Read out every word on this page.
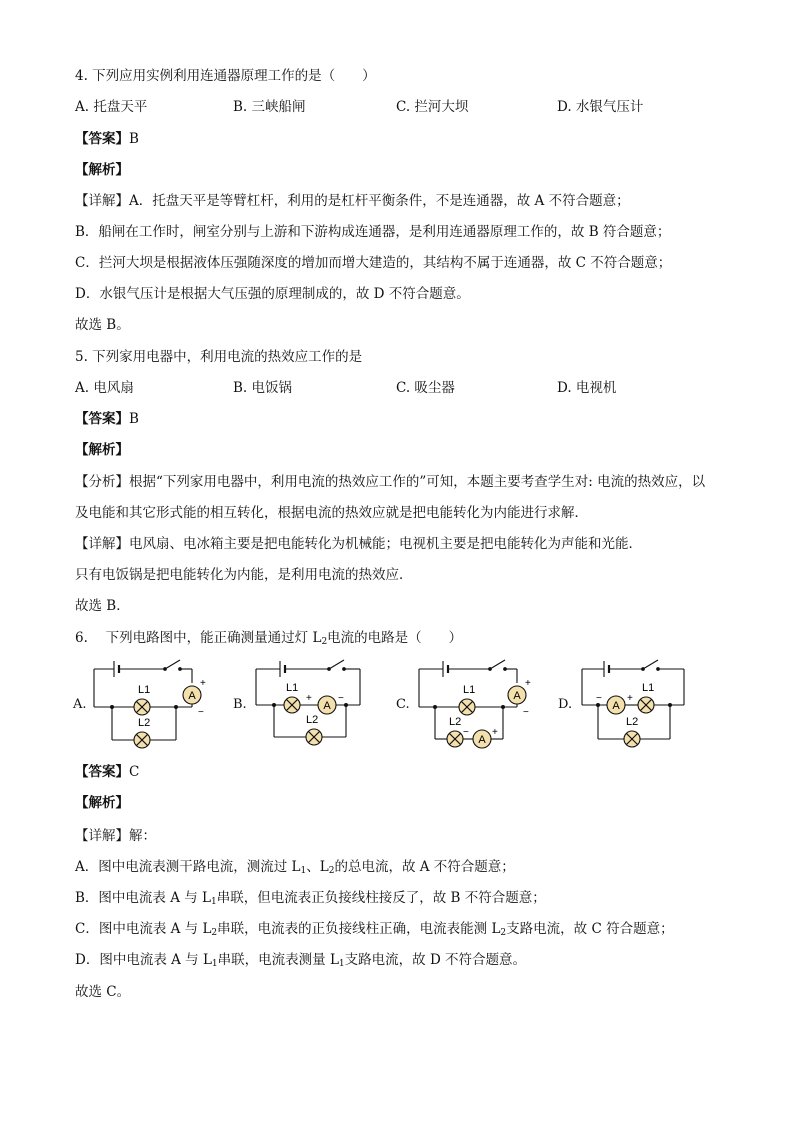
4. 下列应用实例利用连通器原理工作的是（　　）
A. 托盘天平	B. 三峡船闸	C. 拦河大坝	D. 水银气压计
【答案】B
【解析】
【详解】A．托盘天平是等臂杠杆，利用的是杠杆平衡条件，不是连通器，故 A 不符合题意；
B．船闸在工作时，闸室分别与上游和下游构成连通器，是利用连通器原理工作的，故 B 符合题意；
C．拦河大坝是根据液体压强随深度的增加而增大建造的，其结构不属于连通器，故 C 不符合题意；
D．水银气压计是根据大气压强的原理制成的，故 D 不符合题意。
故选 B。
5. 下列家用电器中，利用电流的热效应工作的是
A. 电风扇	B. 电饭锅	C. 吸尘器	D. 电视机
【答案】B
【解析】
【分析】根据“下列家用电器中，利用电流的热效应工作的”可知，本题主要考查学生对: 电流的热效应，以
及电能和其它形式能的相互转化，根据电流的热效应就是把电能转化为内能进行求解．
【详解】电风扇、电冰箱主要是把电能转化为机械能；电视机主要是把电能转化为声能和光能．
只有电饭锅是把电能转化为内能，是利用电流的热效应．
故选 B．
6.　 下列电路图中，能正确测量通过灯 $L_2$电流的电路是（　　）
A.
A
+
−
L1
L2
B.	A
+	−
L1
L2
C.
A
+
−
A
− +
L1
L2
D.	A
−	+
L1
L2
【答案】C
【解析】
【详解】解：
A．图中电流表测干路电流，测流过 $L_1$、$L_2$的总电流，故 A 不符合题意；
B．图中电流表 A 与 $L_1$串联，但电流表正负接线柱接反了，故 B 不符合题意；
C．图中电流表 A 与 $L_2$串联，电流表的正负接线柱正确，电流表能测 $L_2$支路电流，故 C 符合题意；
D．图中电流表 A 与 $L_1$串联，电流表测量 $L_1$支路电流，故 D 不符合题意。
故选 C。
